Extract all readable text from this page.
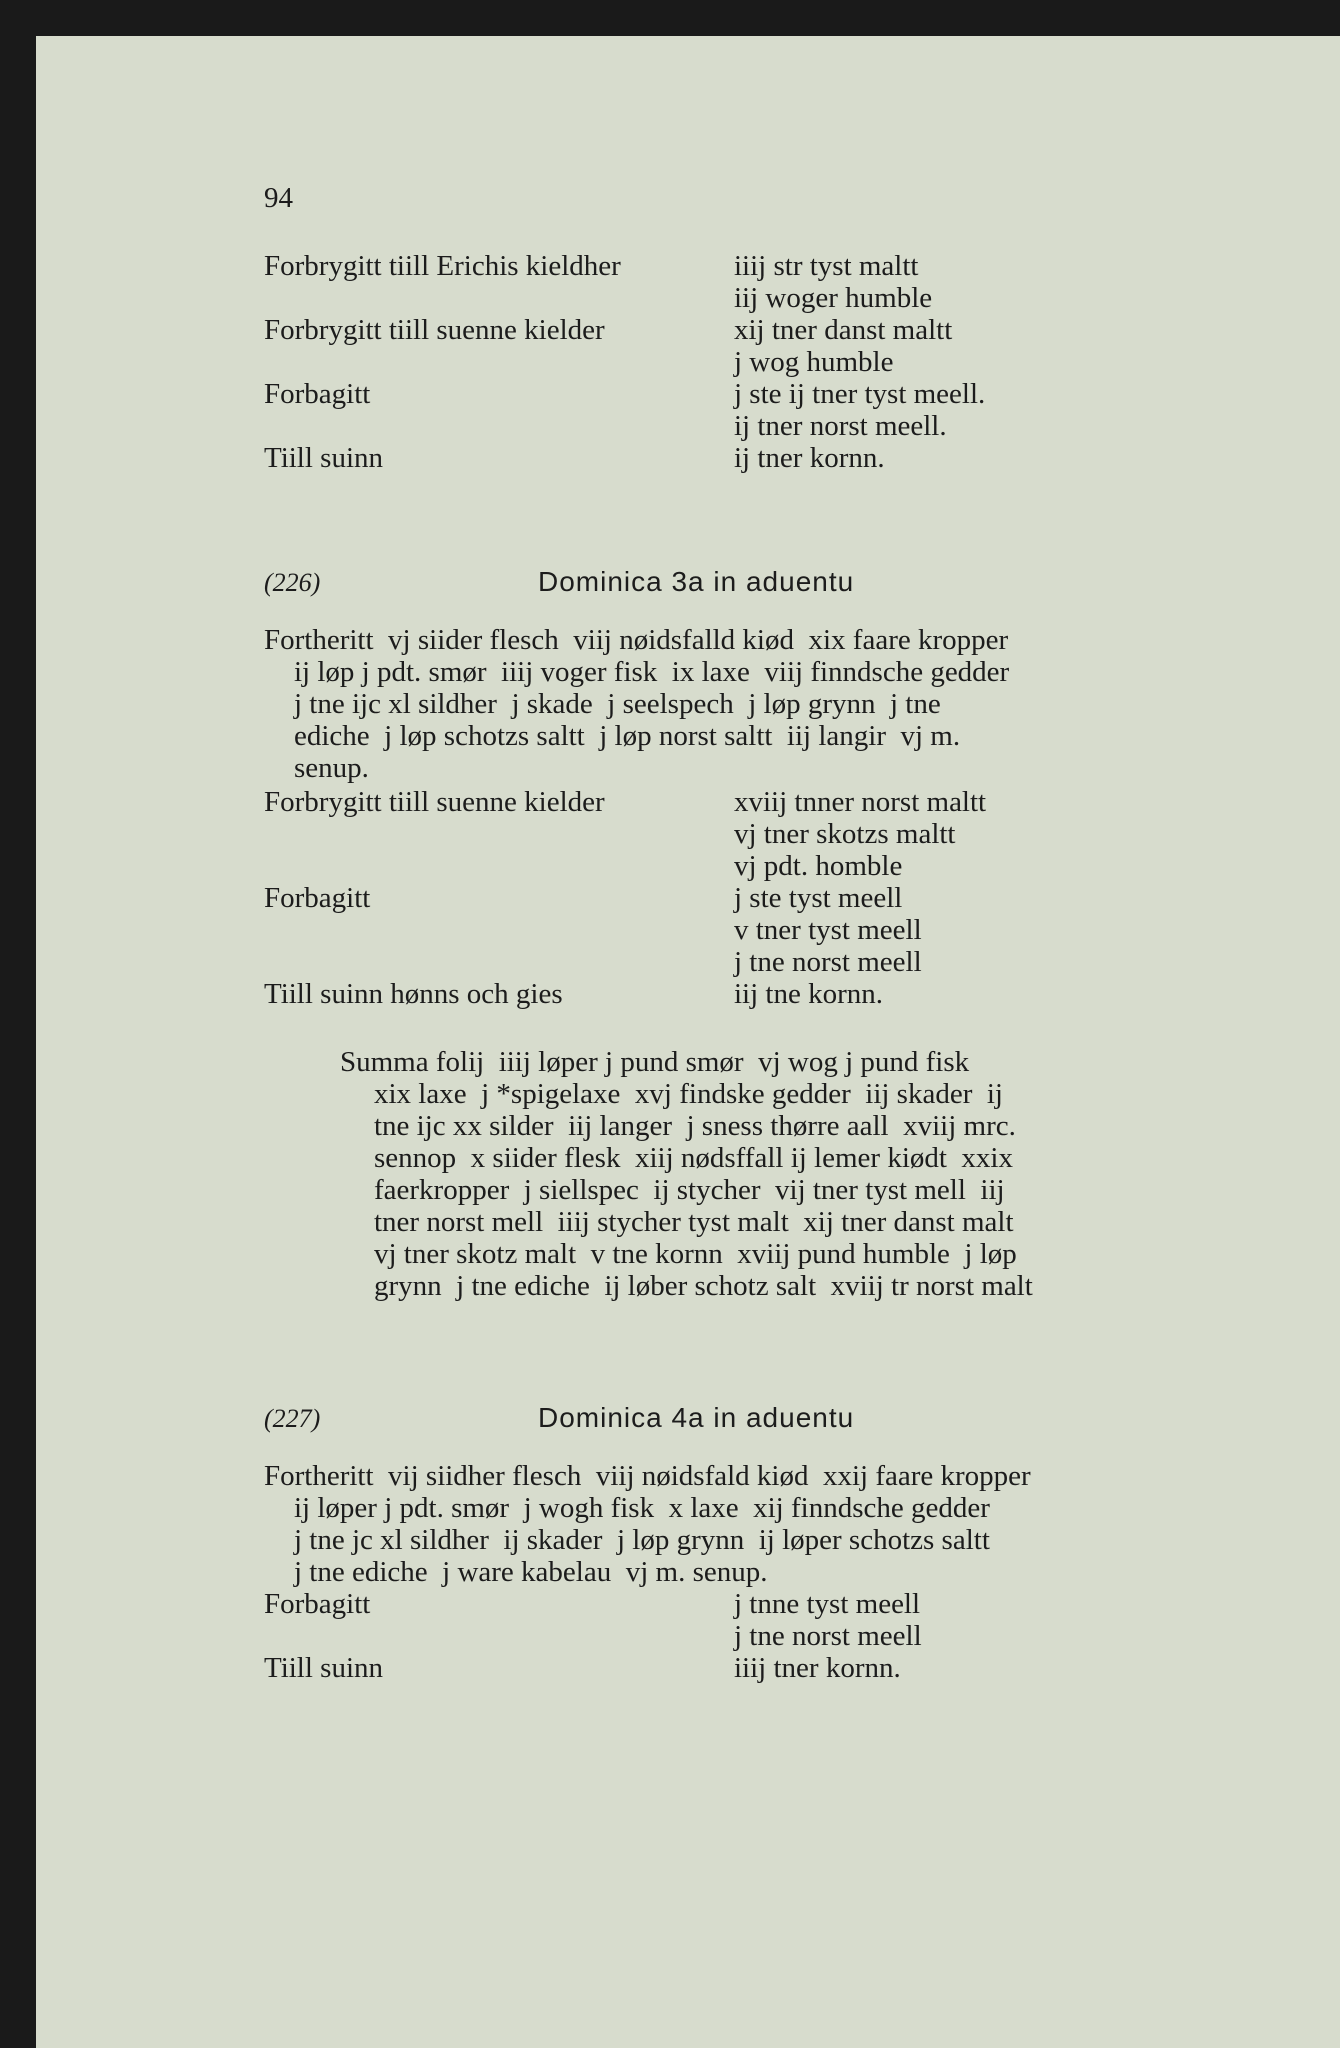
94
Forbrygitt tiill Erichis kieldher	iiij str tyst maltt
iij woger humble
Forbrygitt tiill suenne kielder	xij tner danst maltt
j wog humble
Forbagitt	j ste ij tner tyst meell.
ij tner norst meell.
Tiill suinn	ij tner kornn.
(226)	Dominica 3a in aduentu
Fortheritt  vj siider flesch  viij nøidsfalld kiød  xix faare kropper
ij løp j pdt. smør  iiij voger fisk  ix laxe  viij finndsche gedder
j tne ijc xl sildher  j skade  j seelspech  j løp grynn  j tne
ediche  j løp schotzs saltt  j løp norst saltt  iij langir  vj m.
senup.
Forbrygitt tiill suenne kielder	xviij tnner norst maltt
vj tner skotzs maltt
vj pdt. homble
Forbagitt	j ste tyst meell
v tner tyst meell
j tne norst meell
Tiill suinn hønns och gies	iij tne kornn.
Summa folij  iiij løper j pund smør  vj wog j pund fisk
xix laxe  j *spigelaxe  xvj findske gedder  iij skader  ij
tne ijc xx silder  iij langer  j sness thørre aall  xviij mrc.
sennop  x siider flesk  xiij nødsffall ij lemer kiødt  xxix
faerkropper  j siellspec  ij stycher  vij tner tyst mell  iij
tner norst mell  iiij stycher tyst malt  xij tner danst malt
vj tner skotz malt  v tne kornn  xviij pund humble  j løp
grynn  j tne ediche  ij løber schotz salt  xviij tr norst malt
(227)	Dominica 4a in aduentu
Fortheritt  vij siidher flesch  viij nøidsfald kiød  xxij faare kropper
ij løper j pdt. smør  j wogh fisk  x laxe  xij finndsche gedder
j tne jc xl sildher  ij skader  j løp grynn  ij løper schotzs saltt
j tne ediche  j ware kabelau  vj m. senup.
Forbagitt	j tnne tyst meell
j tne norst meell
Tiill suinn	iiij tner kornn.
